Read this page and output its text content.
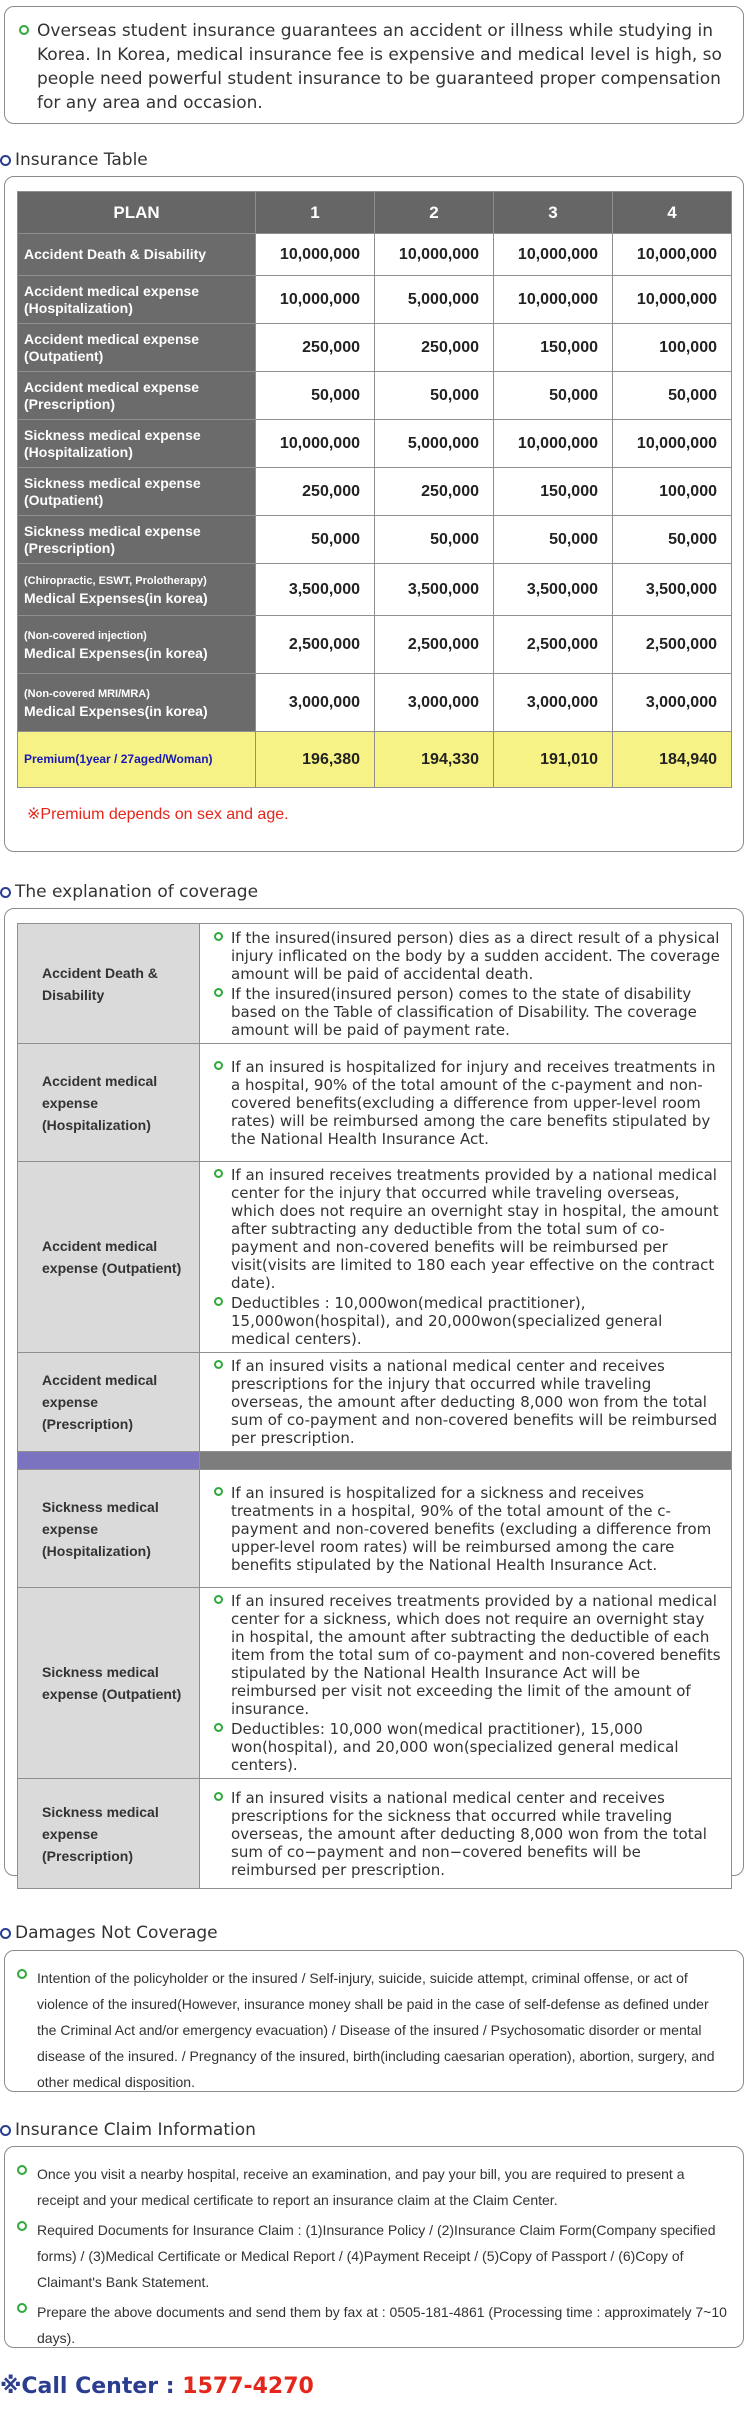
Overseas student insurance guarantees an accident or illness while studying in Korea. In Korea, medical insurance fee is expensive and medical level is high, so people need powerful student insurance to be guaranteed proper compensation for any area and occasion.

Insurance Table
PLAN	1	2	3	4
Accident Death & Disability	10,000,000	10,000,000	10,000,000	10,000,000
Accident medical expense (Hospitalization)	10,000,000	5,000,000	10,000,000	10,000,000
Accident medical expense (Outpatient)	250,000	250,000	150,000	100,000
Accident medical expense (Prescription)	50,000	50,000	50,000	50,000
Sickness medical expense (Hospitalization)	10,000,000	5,000,000	10,000,000	10,000,000
Sickness medical expense (Outpatient)	250,000	250,000	150,000	100,000
Sickness medical expense (Prescription)	50,000	50,000	50,000	50,000

(Chiropractic, ESWT, Prolotherapy)
Medical Expenses(in korea)	3,500,000	3,500,000	3,500,000	3,500,000

(Non-covered injection)
Medical Expenses(in korea)	2,500,000	2,500,000	2,500,000	2,500,000

(Non-covered MRI/MRA)
Medical Expenses(in korea)	3,000,000	3,000,000	3,000,000	3,000,000
Premium(1year / 27aged/Woman)	196,380	194,330	191,010	184,940
※Premium depends on sex and age.
The explanation of coverage
Accident Death & Disability	If the insured(insured person) dies as a direct result of a physical injury inflicated on the body by a sudden accident. The coverage amount will be paid of accidental death.

If the insured(insured person) comes to the state of disability based on the Table of classification of Disability. The coverage amount will be paid of payment rate.

Accident medical expense (Hospitalization)	If an insured is hospitalized for injury and receives treatments in a hospital, 90% of the total amount of the c-payment and non-covered benefits(excluding a difference from upper-level room rates) will be reimbursed among the care benefits stipulated by the National Health Insurance Act.

Accident medical expense (Outpatient)	If an insured receives treatments provided by a national medical center for the injury that occurred while traveling overseas, which does not require an overnight stay in hospital, the amount after subtracting any deductible from the total sum of co-payment and non-covered benefits will be reimbursed per visit(visits are limited to 180 each year effective on the contract date).

Deductibles : 10,000won(medical practitioner), 15,000won(hospital), and 20,000won(specialized general medical centers).

Accident medical expense (Prescription)	If an insured visits a national medical center and receives prescriptions for the injury that occurred while traveling overseas, the amount after deducting 8,000 won from the total sum of co-payment and non-covered benefits will be reimbursed per prescription.

Sickness medical expense (Hospitalization)	If an insured is hospitalized for a sickness and receives treatments in a hospital, 90% of the total amount of the c-payment and non-covered benefits (excluding a difference from upper-level room rates) will be reimbursed among the care benefits stipulated by the National Health Insurance Act.

Sickness medical expense (Outpatient)	If an insured receives treatments provided by a national medical center for a sickness, which does not require an overnight stay in hospital, the amount after subtracting the deductible of each item from the total sum of co-payment and non-covered benefits stipulated by the National Health Insurance Act will be reimbursed per visit not exceeding the limit of the amount of insurance.

Deductibles: 10,000 won(medical practitioner), 15,000 won(hospital), and 20,000 won(specialized general medical centers).

Sickness medical expense (Prescription)	If an insured visits a national medical center and receives prescriptions for the sickness that occurred while traveling overseas, the amount after deducting 8,000 won from the total sum of co−payment and non−covered benefits will be reimbursed per prescription.

Damages Not Coverage

Intention of the policyholder or the insured / Self-injury, suicide, suicide attempt, criminal offense, or act of violence of the insured(However, insurance money shall be paid in the case of self-defense as defined under the Criminal Act and/or emergency evacuation) / Disease of the insured / Psychosomatic disorder or mental disease of the insured. / Pregnancy of the insured, birth(including caesarian operation), abortion, surgery, and other medical disposition.

Insurance Claim Information

Once you visit a nearby hospital, receive an examination, and pay your bill, you are required to present a receipt and your medical certificate to report an insurance claim at the Claim Center.

Required Documents for Insurance Claim : (1)Insurance Policy / (2)Insurance Claim Form(Company specified forms) / (3)Medical Certificate or Medical Report / (4)Payment Receipt / (5)Copy of Passport / (6)Copy of Claimant's Bank Statement.

Prepare the above documents and send them by fax at : 0505-181-4861 (Processing time : approximately 7~10 days).

※Call Center : 1577-4270
